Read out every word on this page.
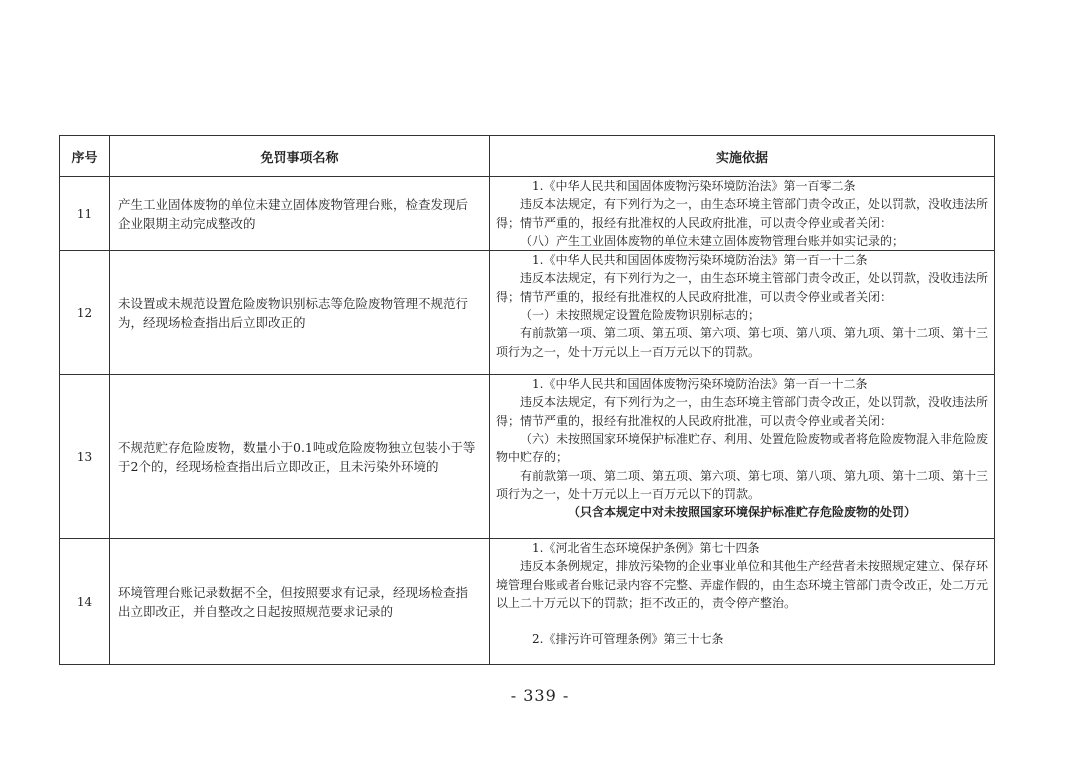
序号	免罚事项名称	实施依据
11	产生工业固体废物的单位未建立固体废物管理台账，检查发现后企业限期主动完成整改的	1.《中华人民共和国固体废物污染环境防治法》第一百零二条

违反本法规定，有下列行为之一，由生态环境主管部门责令改正，处以罚款，没收违法所得；情节严重的，报经有批准权的人民政府批准，可以责令停业或者关闭：

（八）产生工业固体废物的单位未建立固体废物管理台账并如实记录的；

12	未设置或未规范设置危险废物识别标志等危险废物管理不规范行为，经现场检查指出后立即改正的	1.《中华人民共和国固体废物污染环境防治法》第一百一十二条

违反本法规定，有下列行为之一，由生态环境主管部门责令改正，处以罚款，没收违法所得；情节严重的，报经有批准权的人民政府批准，可以责令停业或者关闭：

（一）未按照规定设置危险废物识别标志的；

有前款第一项、第二项、第五项、第六项、第七项、第八项、第九项、第十二项、第十三项行为之一，处十万元以上一百万元以下的罚款。

13	不规范贮存危险废物，数量小于0.1吨或危险废物独立包装小于等于2个的，经现场检查指出后立即改正，且未污染外环境的	1.《中华人民共和国固体废物污染环境防治法》第一百一十二条

违反本法规定，有下列行为之一，由生态环境主管部门责令改正，处以罚款，没收违法所得；情节严重的，报经有批准权的人民政府批准，可以责令停业或者关闭：

（六）未按照国家环境保护标准贮存、利用、处置危险废物或者将危险废物混入非危险废物中贮存的；

有前款第一项、第二项、第五项、第六项、第七项、第八项、第九项、第十二项、第十三项行为之一，处十万元以上一百万元以下的罚款。

（只含本规定中对未按照国家环境保护标准贮存危险废物的处罚）

14	环境管理台账记录数据不全，但按照要求有记录，经现场检查指出立即改正，并自整改之日起按照规范要求记录的	1.《河北省生态环境保护条例》第七十四条

违反本条例规定，排放污染物的企业事业单位和其他生产经营者未按照规定建立、保存环境管理台账或者台账记录内容不完整、弄虚作假的，由生态环境主管部门责令改正，处二万元以上二十万元以下的罚款；拒不改正的，责令停产整治。

2.《排污许可管理条例》第三十七条

- 339 -
